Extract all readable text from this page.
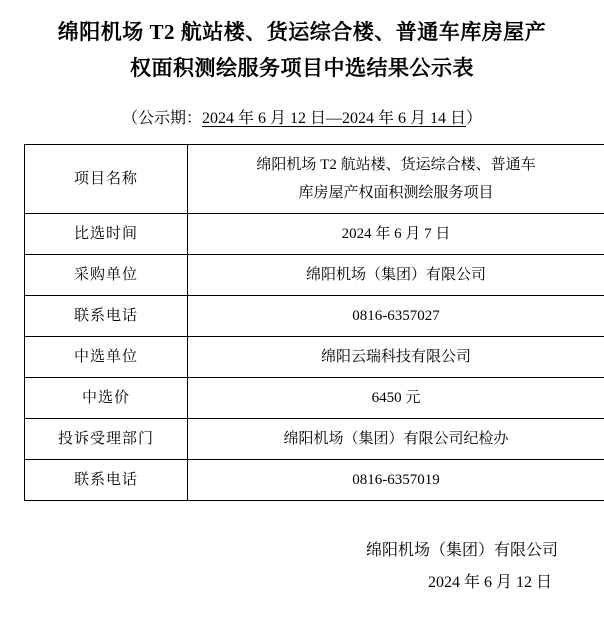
绵阳机场 T2 航站楼、货运综合楼、普通车库房屋产
权面积测绘服务项目中选结果公示表
（公示期：2024 年 6 月 12 日—2024 年 6 月 14 日）
项目名称	绵阳机场 T2 航站楼、货运综合楼、普通车
库房屋产权面积测绘服务项目

比选时间	2024 年 6 月 7 日
采购单位	绵阳机场（集团）有限公司
联系电话	0816-6357027
中选单位	绵阳云瑞科技有限公司
中选价	6450 元
投诉受理部门	绵阳机场（集团）有限公司纪检办
联系电话	0816-6357019
绵阳机场（集团）有限公司
2024 年 6 月 12 日
